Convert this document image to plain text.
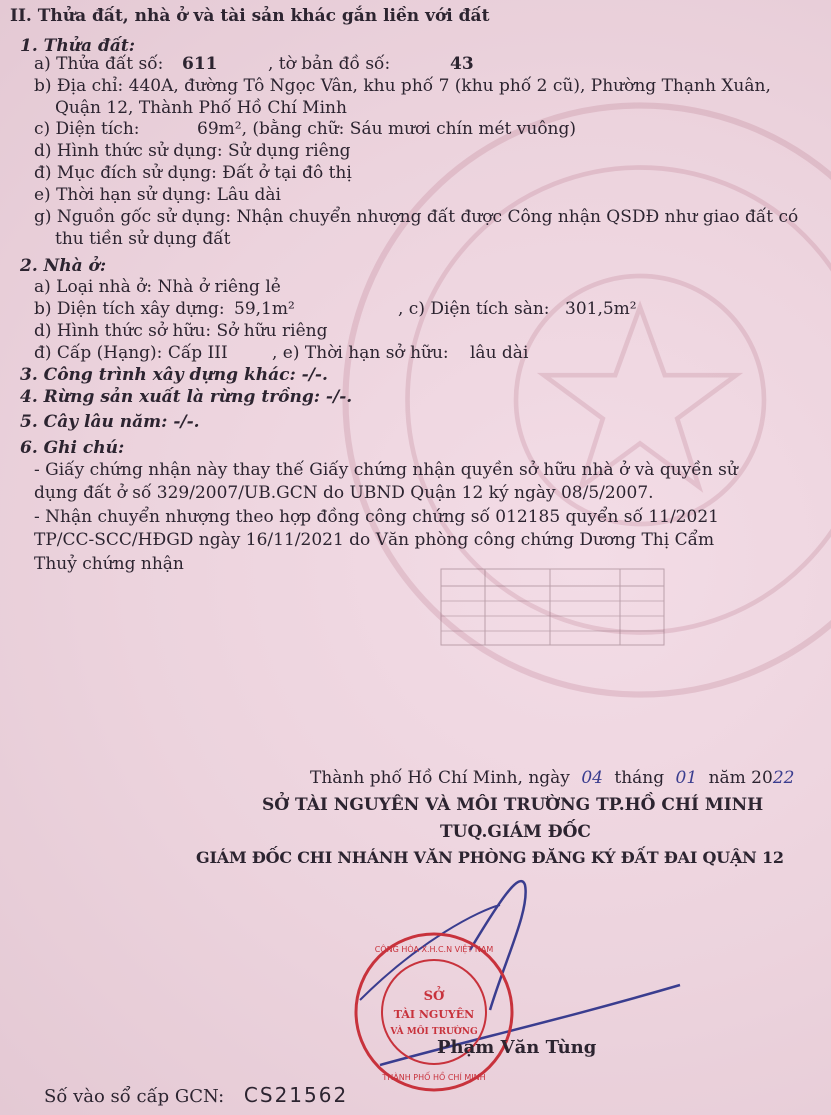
II. Thửa đất, nhà ở và tài sản khác gắn liền với đất
1. Thửa đất:
a) Thửa đất số: 611	, tờ bản đồ số:	43
b) Địa chỉ: 440A, đường Tô Ngọc Vân, khu phố 7 (khu phố 2 cũ), Phường Thạnh Xuân,
Quận 12, Thành Phố Hồ Chí Minh
c) Diện tích:	69m², (bằng chữ: Sáu mươi chín mét vuông)
d) Hình thức sử dụng: Sử dụng riêng
đ) Mục đích sử dụng: Đất ở tại đô thị
e) Thời hạn sử dụng: Lâu dài
g) Nguồn gốc sử dụng: Nhận chuyển nhượng đất được Công nhận QSDĐ như giao đất có
thu tiền sử dụng đất
2. Nhà ở:
a) Loại nhà ở: Nhà ở riêng lẻ
b) Diện tích xây dựng: 59,1m²	, c) Diện tích sàn: 301,5m²
d) Hình thức sở hữu: Sở hữu riêng
đ) Cấp (Hạng): Cấp III	, e) Thời hạn sở hữu: lâu dài
3. Công trình xây dựng khác: -/-.
4. Rừng sản xuất là rừng trồng: -/-.
5. Cây lâu năm: -/-.
6. Ghi chú:
- Giấy chứng nhận này thay thế Giấy chứng nhận quyền sở hữu nhà ở và quyền sử
dụng đất ở số 329/2007/UB.GCN do UBND Quận 12 ký ngày 08/5/2007.
- Nhận chuyển nhượng theo hợp đồng công chứng số 012185 quyển số 11/2021
TP/CC-SCC/HĐGD ngày 16/11/2021 do Văn phòng công chứng Dương Thị Cẩm
Thuỷ chứng nhận
Thành phố Hồ Chí Minh, ngày 04 tháng 01 năm 2022
SỞ TÀI NGUYÊN VÀ MÔI TRƯỜNG TP.HỒ CHÍ MINH
TUQ.GIÁM ĐỐC
GIÁM ĐỐC CHI NHÁNH VĂN PHÒNG ĐĂNG KÝ ĐẤT ĐAI QUẬN 12
SỞ
TÀI NGUYÊN
VÀ MÔI TRƯỜNG
CỘNG HÒA X.H.C.N VIỆT NAM
THÀNH PHỐ HỒ CHÍ MINH
Phạm Văn Tùng
Số vào sổ cấp GCN: CS21562
